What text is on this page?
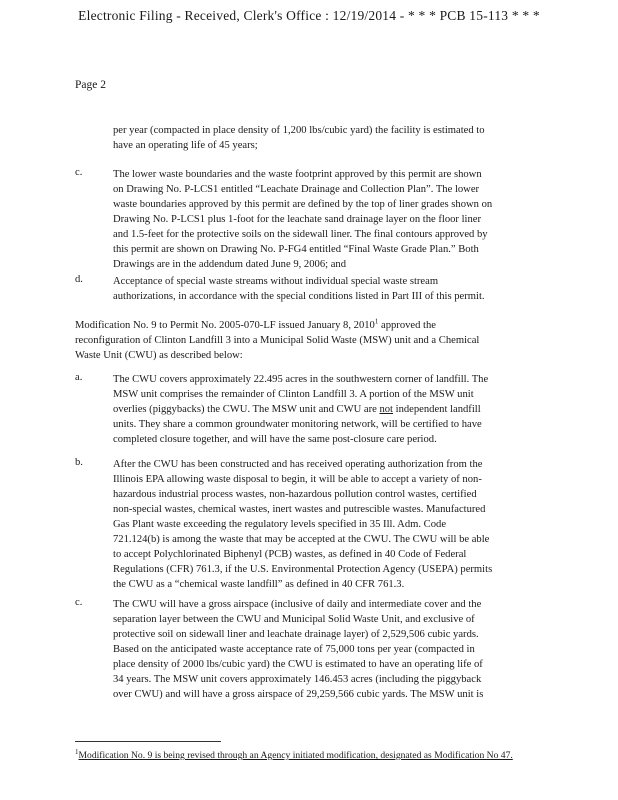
Electronic Filing - Received, Clerk's Office : 12/19/2014 - * * * PCB 15-113 * * *
Page 2
per year (compacted in place density of 1,200 lbs/cubic yard) the facility is estimated to
have an operating life of 45 years;
c.	The lower waste boundaries and the waste footprint approved by this permit are shown
on Drawing No. P-LCS1 entitled “Leachate Drainage and Collection Plan”. The lower
waste boundaries approved by this permit are defined by the top of liner grades shown on
Drawing No. P-LCS1 plus 1-foot for the leachate sand drainage layer on the floor liner
and 1.5-feet for the protective soils on the sidewall liner. The final contours approved by
this permit are shown on Drawing No. P-FG4 entitled “Final Waste Grade Plan.” Both
Drawings are in the addendum dated June 9, 2006; and
d.	Acceptance of special waste streams without individual special waste stream
authorizations, in accordance with the special conditions listed in Part III of this permit.
Modification No. 9 to Permit No. 2005-070-LF issued January 8, 2010$^1$ approved the
reconfiguration of Clinton Landfill 3 into a Municipal Solid Waste (MSW) unit and a Chemical
Waste Unit (CWU) as described below:
a.	The CWU covers approximately 22.495 acres in the southwestern corner of landfill. The
MSW unit comprises the remainder of Clinton Landfill 3. A portion of the MSW unit
overlies (piggybacks) the CWU. The MSW unit and CWU are not independent landfill
units. They share a common groundwater monitoring network, will be certified to have
completed closure together, and will have the same post-closure care period.
b.	After the CWU has been constructed and has received operating authorization from the
Illinois EPA allowing waste disposal to begin, it will be able to accept a variety of non-
hazardous industrial process wastes, non-hazardous pollution control wastes, certified
non-special wastes, chemical wastes, inert wastes and putrescible wastes. Manufactured
Gas Plant waste exceeding the regulatory levels specified in 35 Ill. Adm. Code
721.124(b) is among the waste that may be accepted at the CWU. The CWU will be able
to accept Polychlorinated Biphenyl (PCB) wastes, as defined in 40 Code of Federal
Regulations (CFR) 761.3, if the U.S. Environmental Protection Agency (USEPA) permits
the CWU as a “chemical waste landfill” as defined in 40 CFR 761.3.
c.	The CWU will have a gross airspace (inclusive of daily and intermediate cover and the
separation layer between the CWU and Municipal Solid Waste Unit, and exclusive of
protective soil on sidewall liner and leachate drainage layer) of 2,529,506 cubic yards.
Based on the anticipated waste acceptance rate of 75,000 tons per year (compacted in
place density of 2000 lbs/cubic yard) the CWU is estimated to have an operating life of
34 years. The MSW unit covers approximately 146.453 acres (including the piggyback
over CWU) and will have a gross airspace of 29,259,566 cubic yards. The MSW unit is
$^1$Modification No. 9 is being revised through an Agency initiated modification, designated as Modification No 47.
